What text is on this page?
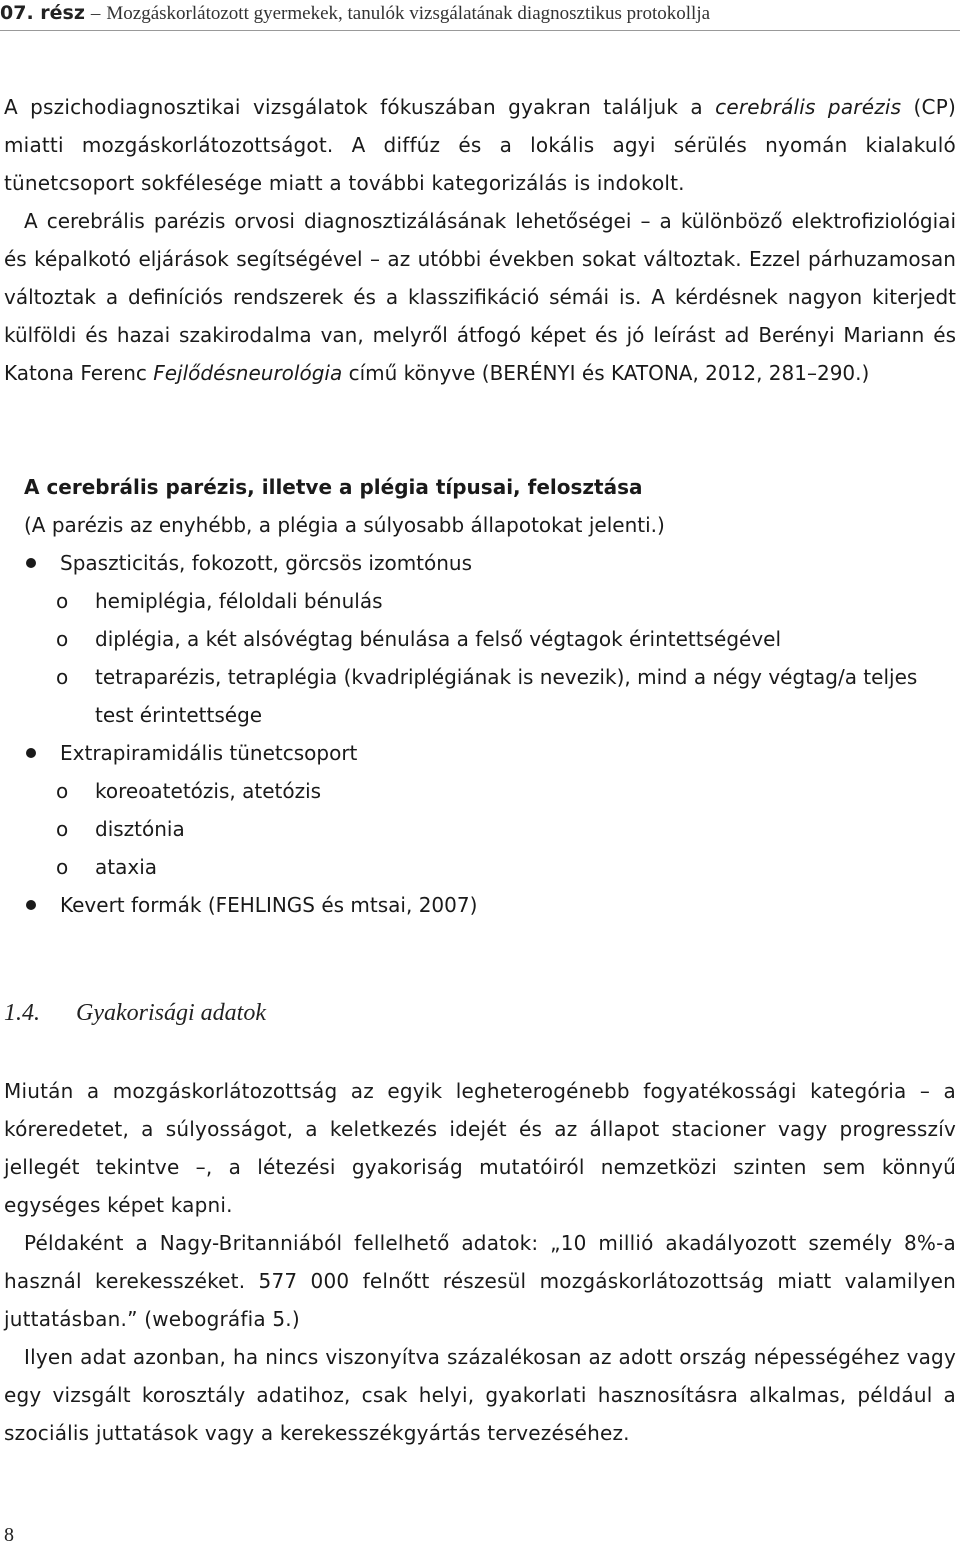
07. rész – Mozgáskorlátozott gyermekek, tanulók vizsgálatának diagnosztikus protokollja
A pszichodiagnosztikai vizsgálatok fókuszában gyakran találjuk a cerebrális parézis (CP) miatti mozgáskorlátozottságot. A diffúz és a lokális agyi sérülés nyomán kialakuló tünetcsoport sokfélesége miatt a további kategorizálás is indokolt.
A cerebrális parézis orvosi diagnosztizálásának lehetőségei – a különböző elektrofiziológiai és képalkotó eljárások segítségével – az utóbbi években sokat változtak. Ezzel párhuzamosan változtak a definíciós rendszerek és a klasszifikáció sémái is. A kérdésnek nagyon kiterjedt külföldi és hazai szakirodalma van, melyről átfogó képet és jó leírást ad Berényi Mariann és Katona Ferenc Fejlődésneurológia című könyve (BERÉNYI és KATONA, 2012, 281–290.)
A cerebrális parézis, illetve a plégia típusai, felosztása
(A parézis az enyhébb, a plégia a súlyosabb állapotokat jelenti.)
Spaszticitás, fokozott, görcsös izomtónus
o hemiplégia, féloldali bénulás
o diplégia, a két alsóvégtag bénulása a felső végtagok érintettségével
o tetraparézis, tetraplégia (kvadriplégiának is nevezik), mind a négy végtag/a teljes test érintettsége
Extrapiramidális tünetcsoport
o koreoatetózis, atetózis
o disztónia
o ataxia
Kevert formák (FEHLINGS és mtsai, 2007)
1.4. Gyakorisági adatok
Miután a mozgáskorlátozottság az egyik legheterogénebb fogyatékossági kategória – a kóreredetet, a súlyosságot, a keletkezés idejét és az állapot stacioner vagy progresszív jellegét tekintve –, a létezési gyakoriság mutatóiról nemzetközi szinten sem könnyű egységes képet kapni.
Példaként a Nagy-Britanniából fellelhető adatok: „10 millió akadályozott személy 8%-a használ kerekesszéket. 577 000 felnőtt részesül mozgáskorlátozottság miatt valamilyen juttatásban.” (webográfia 5.)
Ilyen adat azonban, ha nincs viszonyítva százalékosan az adott ország népességéhez vagy egy vizsgált korosztály adatihoz, csak helyi, gyakorlati hasznosításra alkalmas, például a szociális juttatások vagy a kerekesszékgyártás tervezéséhez.
8
